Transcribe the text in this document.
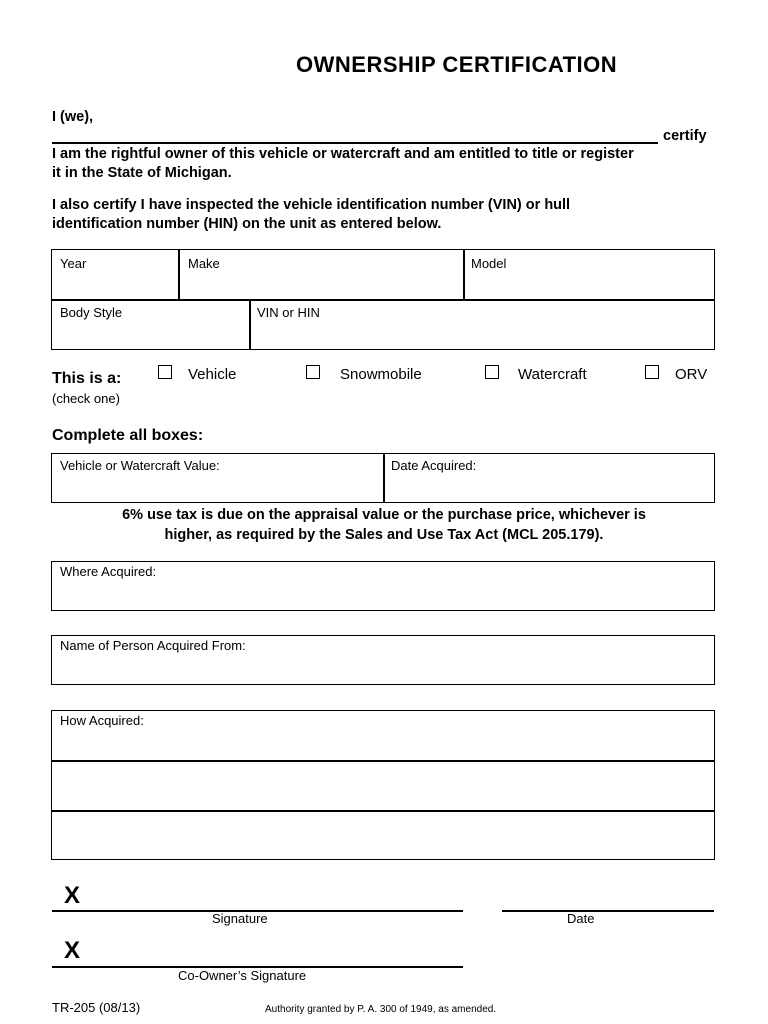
OWNERSHIP CERTIFICATION
I (we),
certify
I am the rightful owner of this vehicle or watercraft and am entitled to title or register
it in the State of Michigan.
I also certify I have inspected the vehicle identification number (VIN) or hull
identification number (HIN) on the unit as entered below.
Year	Make	Model
Body Style	VIN or HIN
This is a:
(check one)
Vehicle	Snowmobile	Watercraft	ORV
Complete all boxes:
Vehicle or Watercraft Value:	Date Acquired:
6% use tax is due on the appraisal value or the purchase price, whichever is
higher, as required by the Sales and Use Tax Act (MCL 205.179).
Where Acquired:
Name of Person Acquired From:
How Acquired:
X
Signature	Date
X
Co-Owner’s Signature
TR-205 (08/13)	Authority granted by P. A. 300 of 1949, as amended.
